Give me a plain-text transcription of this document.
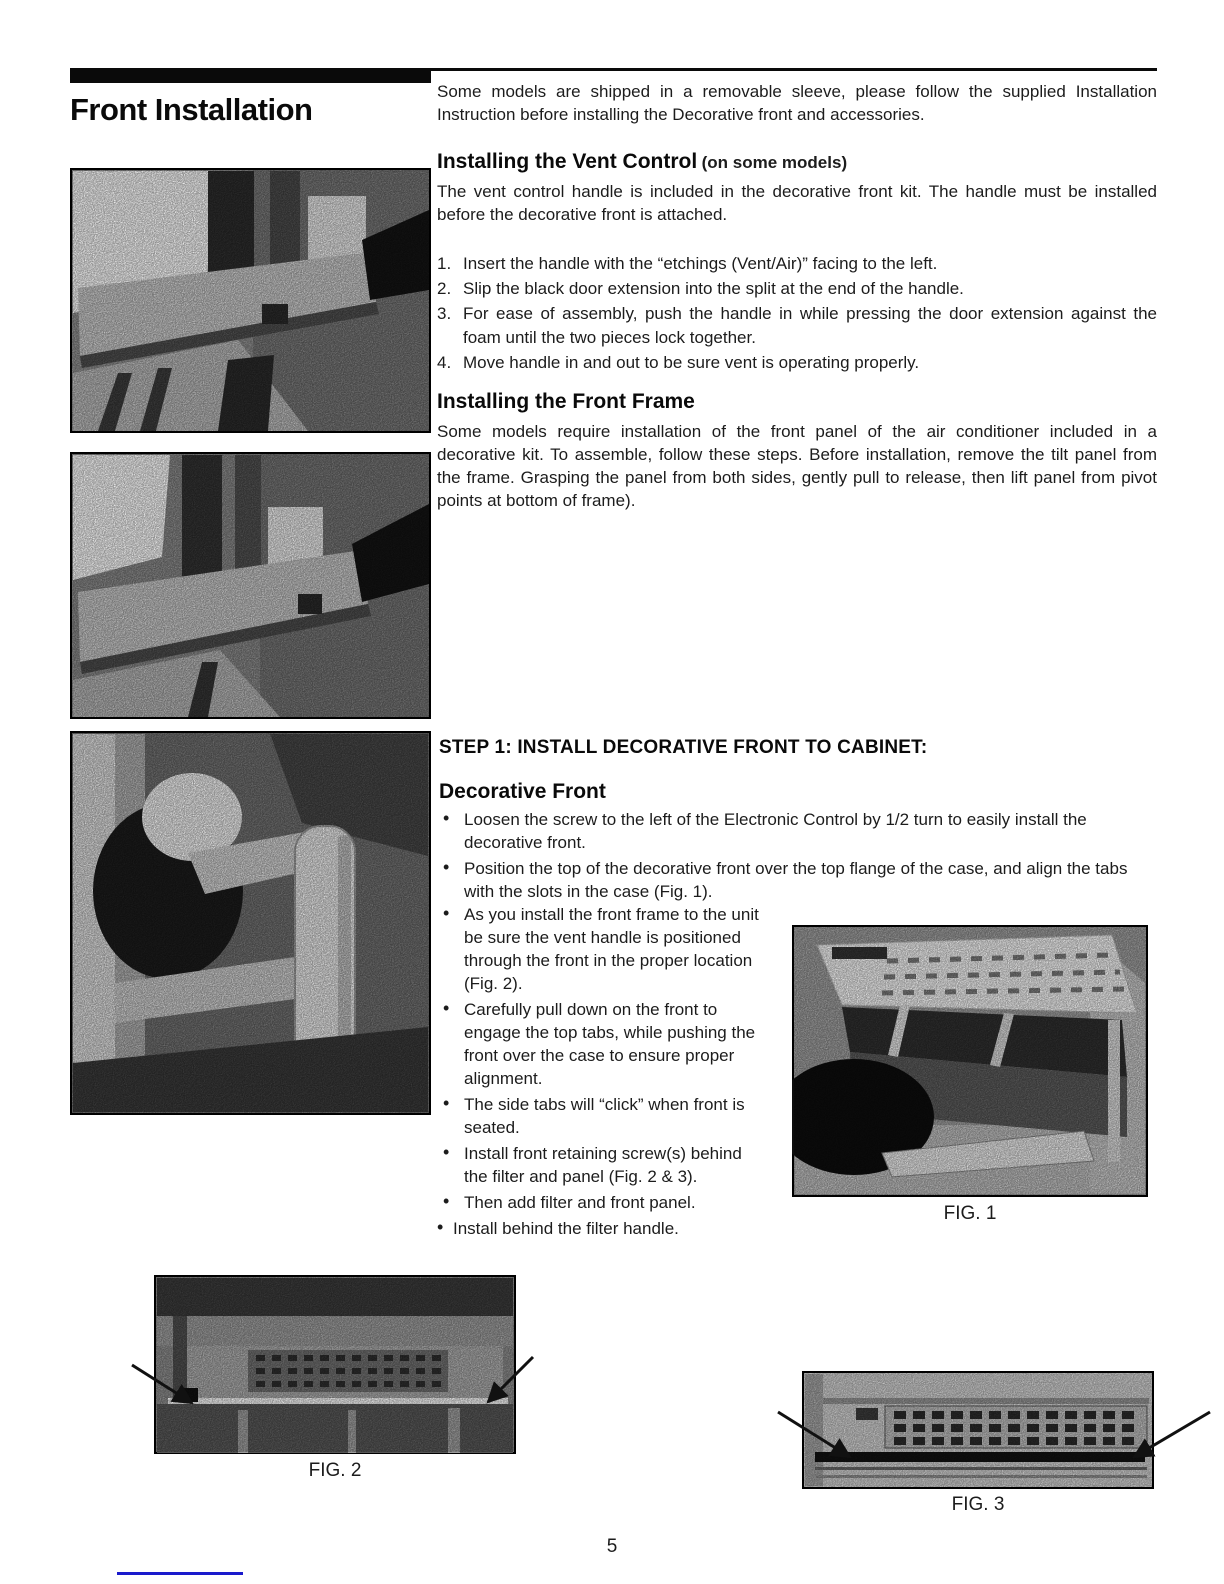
Front Installation
Some models are shipped in a removable sleeve, please follow the supplied Installation Instruction before installing the Decorative front and accessories.
Installing the Vent Control (on some models)
The vent control handle is included in the decorative front kit. The handle must be installed before the decorative front is attached.
1. Insert the handle with the “etchings (Vent/Air)” facing to the left.
2. Slip the black door extension into the split at the end of the handle.
3. For ease of assembly, push the handle in while pressing the door extension against the foam until the two pieces lock together.
4. Move handle in and out to be sure vent is operating properly.
Installing the Front Frame
Some models require installation of the front panel of the air conditioner included in a decorative kit. To assemble, follow these steps. Before installation, remove the tilt panel from the frame. Grasping the panel from both sides, gently pull to release, then lift panel from pivot points at bottom of frame).
STEP 1: INSTALL DECORATIVE FRONT TO CABINET:
Decorative Front
• Loosen the screw to the left of the Electronic Control by 1/2 turn to easily install the decorative front.
• Position the top of the decorative front over the top flange of the case, and align the tabs with the slots in the case (Fig. 1).
• As you install the front frame to the unit be sure the vent handle is positioned through the front in the proper location (Fig. 2).
• Carefully pull down on the front to engage the top tabs, while pushing the front over the case to ensure proper alignment.
• The side tabs will “click” when front is seated.
• Install front retaining screw(s) behind the filter and panel (Fig. 2 & 3).
• Then add filter and front panel.
• Install behind the filter handle.
FIG. 1
FIG. 2
FIG. 3
5
